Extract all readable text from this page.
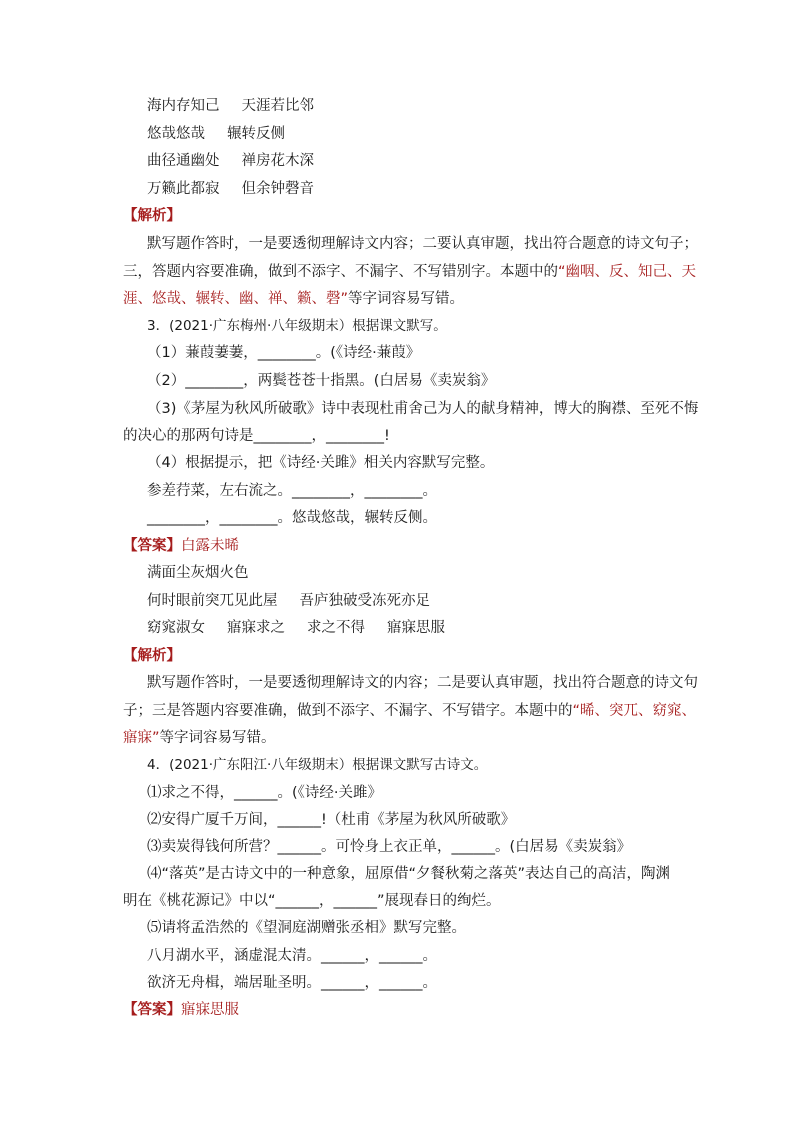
海内存知己 天涯若比邻
悠哉悠哉 辗转反侧
曲径通幽处 禅房花木深
万籁此都寂 但余钟磬音
【解析】
默写题作答时，一是要透彻理解诗文内容；二要认真审题，找出符合题意的诗文句子；
三，答题内容要准确，做到不添字、不漏字、不写错别字。本题中的“幽咽、反、知己、天
涯、悠哉、辗转、幽、禅、籁、磬”等字词容易写错。
3．(2021·广东梅州·八年级期末）根据课文默写。
（1）蒹葭萋萋，________。(《诗经·蒹葭》
（2）________，两鬓苍苍十指黑。(白居易《卖炭翁》
（3)《茅屋为秋风所破歌》诗中表现杜甫舍己为人的献身精神，博大的胸襟、至死不悔
的决心的那两句诗是________，________!
（4）根据提示，把《诗经·关雎》相关内容默写完整。
参差荇菜，左右流之。________，________。
________，________。悠哉悠哉，辗转反侧。
【答案】白露未晞
满面尘灰烟火色
何时眼前突兀见此屋 吾庐独破受冻死亦足
窈窕淑女 寤寐求之 求之不得 寤寐思服
【解析】
默写题作答时，一是要透彻理解诗文的内容；二是要认真审题，找出符合题意的诗文句
子；三是答题内容要准确，做到不添字、不漏字、不写错字。本题中的“晞、突兀、窈窕、
寤寐”等字词容易写错。
4．(2021·广东阳江·八年级期末）根据课文默写古诗文。
⑴求之不得，______。(《诗经·关雎》
⑵安得广厦千万间，______!（杜甫《茅屋为秋风所破歌》
⑶卖炭得钱何所营？______。可怜身上衣正单，______。(白居易《卖炭翁》
⑷“落英”是古诗文中的一种意象，屈原借“夕餐秋菊之落英”表达自己的高洁，陶渊
明在《桃花源记》中以“______，______”展现春日的绚烂。
⑸请将孟浩然的《望洞庭湖赠张丞相》默写完整。
八月湖水平，涵虚混太清。______，______。
欲济无舟楫，端居耻圣明。______，______。
【答案】寤寐思服
